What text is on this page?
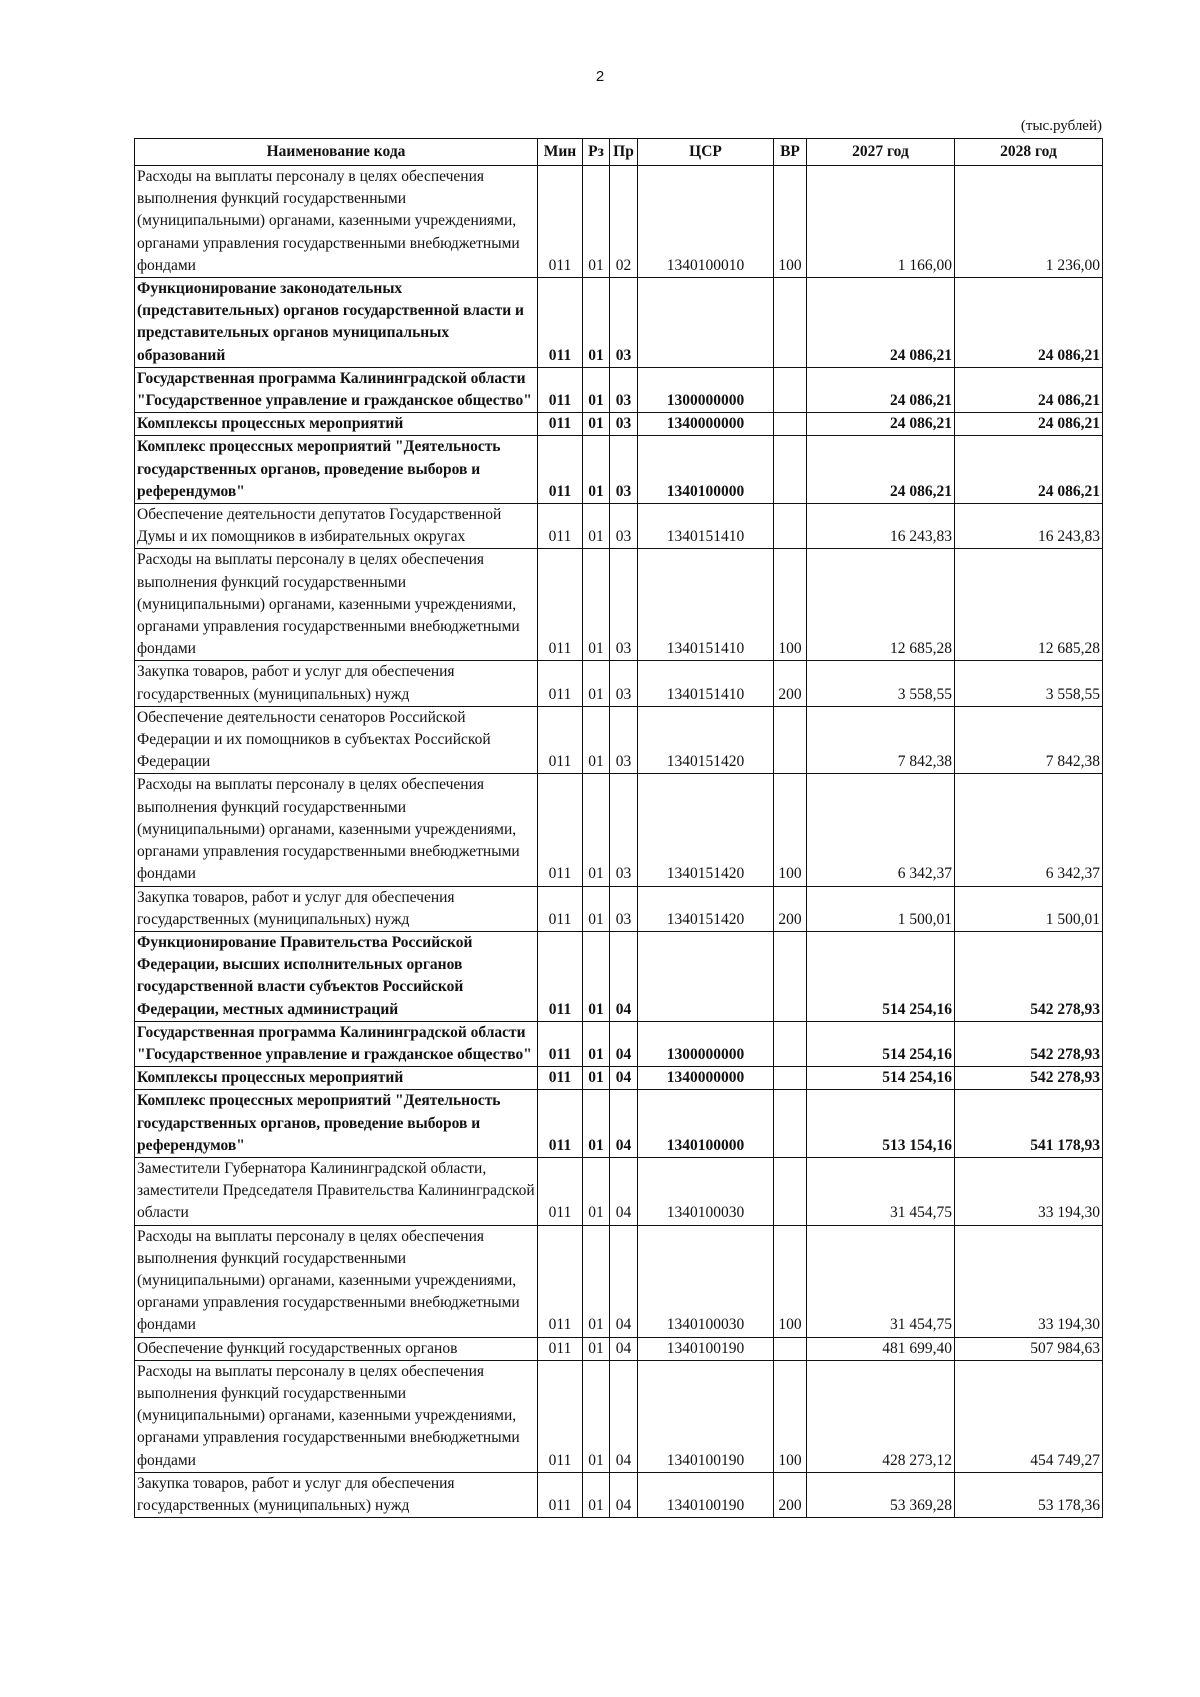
2
(тыс.рублей)
Наименование кода	Мин	Рз	Пр	ЦСР	ВР	2027 год	2028 год
Расходы на выплаты персоналу в целях обеспечения выполнения функций государственными (муниципальными) органами, казенными учреждениями, органами управления государственными внебюджетными фондами	011	01	02	1340100010	100	1 166,00	1 236,00
Функционирование законодательных (представительных) органов государственной власти и представительных органов муниципальных образований	011	01	03			24 086,21	24 086,21
Государственная программа Калининградской области "Государственное управление и гражданское общество"	011	01	03	1300000000		24 086,21	24 086,21
Комплексы процессных мероприятий	011	01	03	1340000000		24 086,21	24 086,21
Комплекс процессных мероприятий "Деятельность государственных органов, проведение выборов и референдумов"	011	01	03	1340100000		24 086,21	24 086,21
Обеспечение деятельности депутатов Государственной Думы и их помощников в избирательных округах	011	01	03	1340151410		16 243,83	16 243,83
Расходы на выплаты персоналу в целях обеспечения выполнения функций государственными (муниципальными) органами, казенными учреждениями, органами управления государственными внебюджетными фондами	011	01	03	1340151410	100	12 685,28	12 685,28
Закупка товаров, работ и услуг для обеспечения государственных (муниципальных) нужд	011	01	03	1340151410	200	3 558,55	3 558,55
Обеспечение деятельности сенаторов Российской Федерации и их помощников в субъектах Российской Федерации	011	01	03	1340151420		7 842,38	7 842,38
Расходы на выплаты персоналу в целях обеспечения выполнения функций государственными (муниципальными) органами, казенными учреждениями, органами управления государственными внебюджетными фондами	011	01	03	1340151420	100	6 342,37	6 342,37
Закупка товаров, работ и услуг для обеспечения государственных (муниципальных) нужд	011	01	03	1340151420	200	1 500,01	1 500,01
Функционирование Правительства Российской Федерации, высших исполнительных органов государственной власти субъектов Российской Федерации, местных администраций	011	01	04			514 254,16	542 278,93
Государственная программа Калининградской области "Государственное управление и гражданское общество"	011	01	04	1300000000		514 254,16	542 278,93
Комплексы процессных мероприятий	011	01	04	1340000000		514 254,16	542 278,93
Комплекс процессных мероприятий "Деятельность государственных органов, проведение выборов и референдумов"	011	01	04	1340100000		513 154,16	541 178,93
Заместители Губернатора Калининградской области, заместители Председателя Правительства Калининградской области	011	01	04	1340100030		31 454,75	33 194,30
Расходы на выплаты персоналу в целях обеспечения выполнения функций государственными (муниципальными) органами, казенными учреждениями, органами управления государственными внебюджетными фондами	011	01	04	1340100030	100	31 454,75	33 194,30
Обеспечение функций государственных органов	011	01	04	1340100190		481 699,40	507 984,63
Расходы на выплаты персоналу в целях обеспечения выполнения функций государственными (муниципальными) органами, казенными учреждениями, органами управления государственными внебюджетными фондами	011	01	04	1340100190	100	428 273,12	454 749,27
Закупка товаров, работ и услуг для обеспечения государственных (муниципальных) нужд	011	01	04	1340100190	200	53 369,28	53 178,36
